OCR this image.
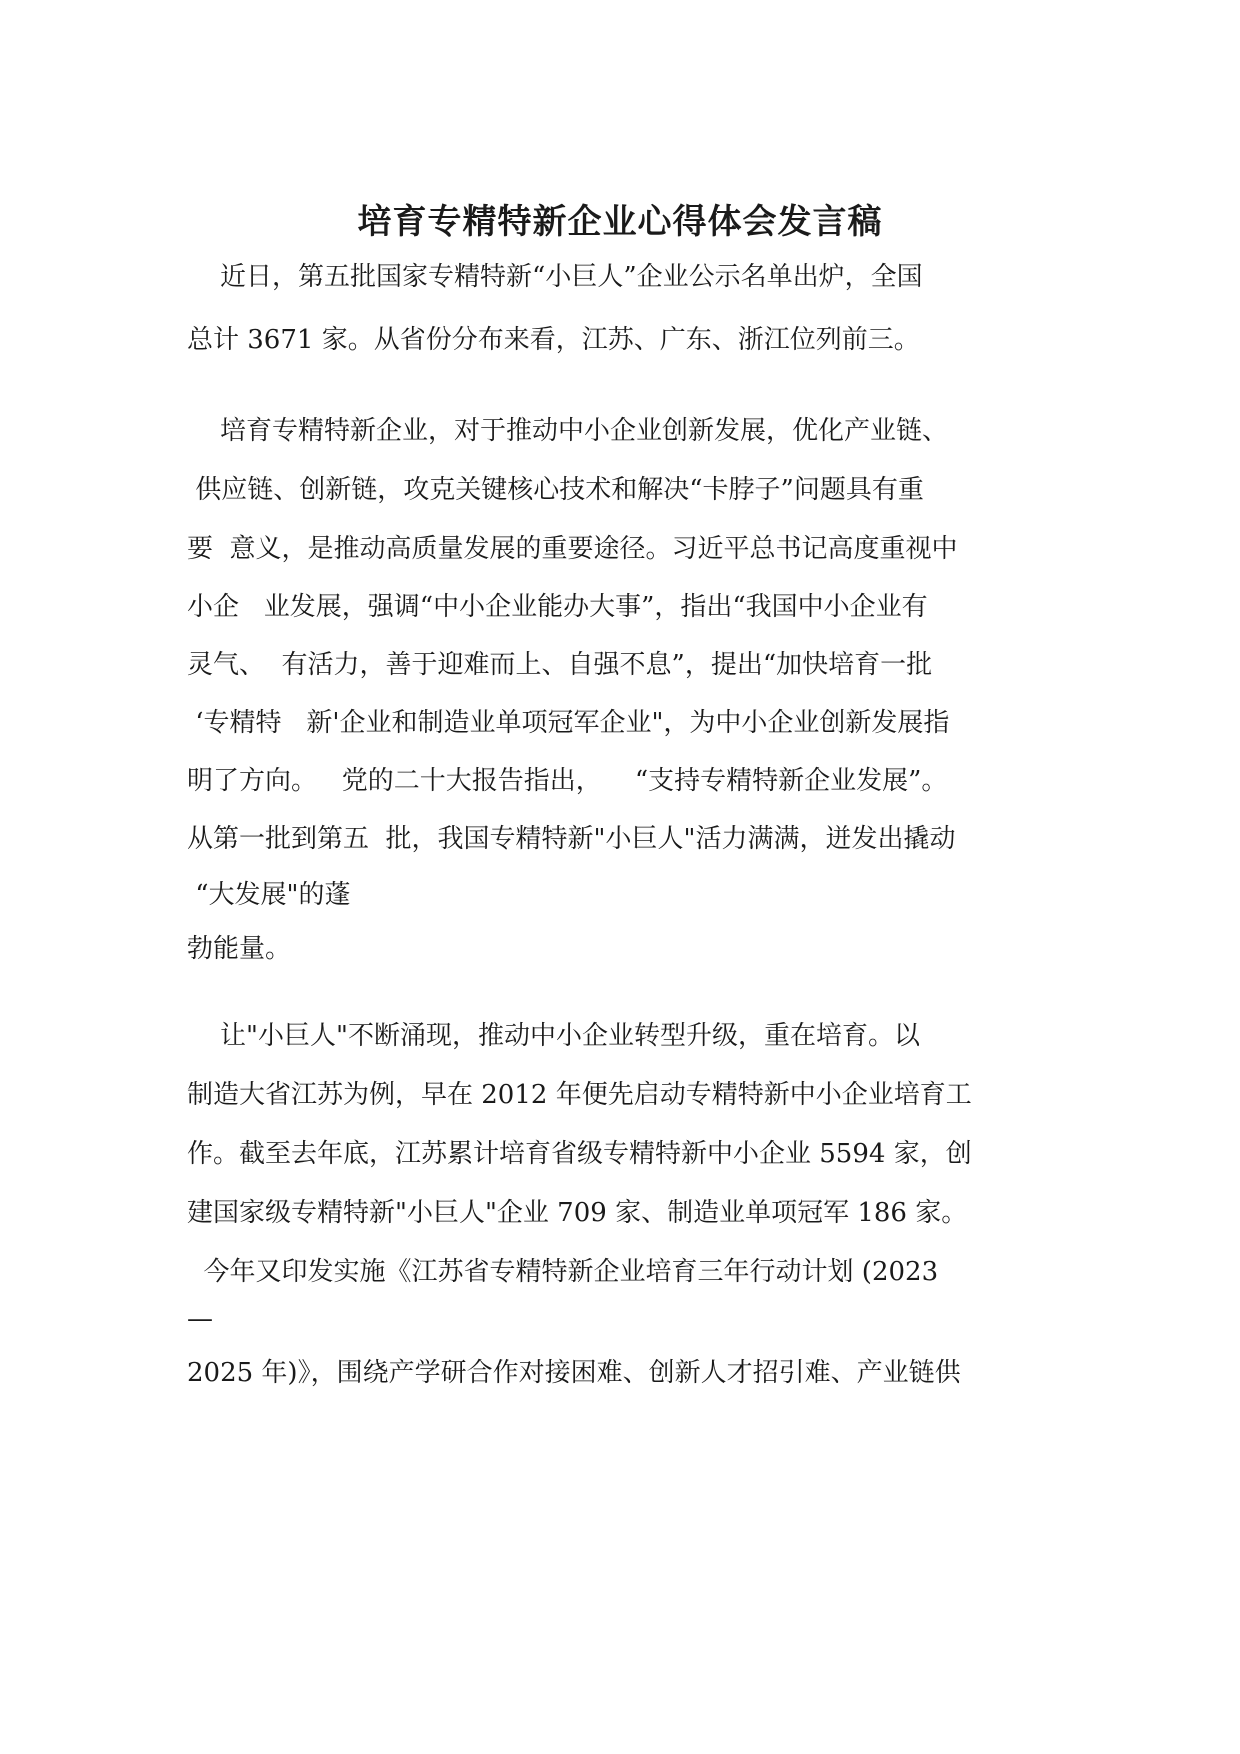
培育专精特新企业心得体会发言稿
近日，第五批国家专精特新“小巨人”企业公示名单出炉，全国
总计 3671 家。从省份分布来看，江苏、广东、浙江位列前三。
培育专精特新企业，对于推动中小企业创新发展，优化产业链、
供应链、创新链，攻克关键核心技术和解决“卡脖子”问题具有重
要  意义，是推动高质量发展的重要途径。习近平总书记高度重视中
小企   业发展，强调“中小企业能办大事”，指出“我国中小企业有
灵气、  有活力，善于迎难而上、自强不息”，提出“加快培育一批
‘专精特   新'企业和制造业单项冠军企业"，为中小企业创新发展指
明了方向。   党的二十大报告指出，    “支持专精特新企业发展”。
从第一批到第五  批，我国专精特新"小巨人"活力满满，迸发出撬动
“大发展"的蓬
勃能量。
让"小巨人"不断涌现，推动中小企业转型升级，重在培育。以
制造大省江苏为例，早在 2012 年便先启动专精特新中小企业培育工
作。截至去年底，江苏累计培育省级专精特新中小企业 5594 家，创
建国家级专精特新"小巨人"企业 709 家、制造业单项冠军 186 家。
今年又印发实施《江苏省专精特新企业培育三年行动计划 (2023
—
2025 年)》，围绕产学研合作对接困难、创新人才招引难、产业链供
